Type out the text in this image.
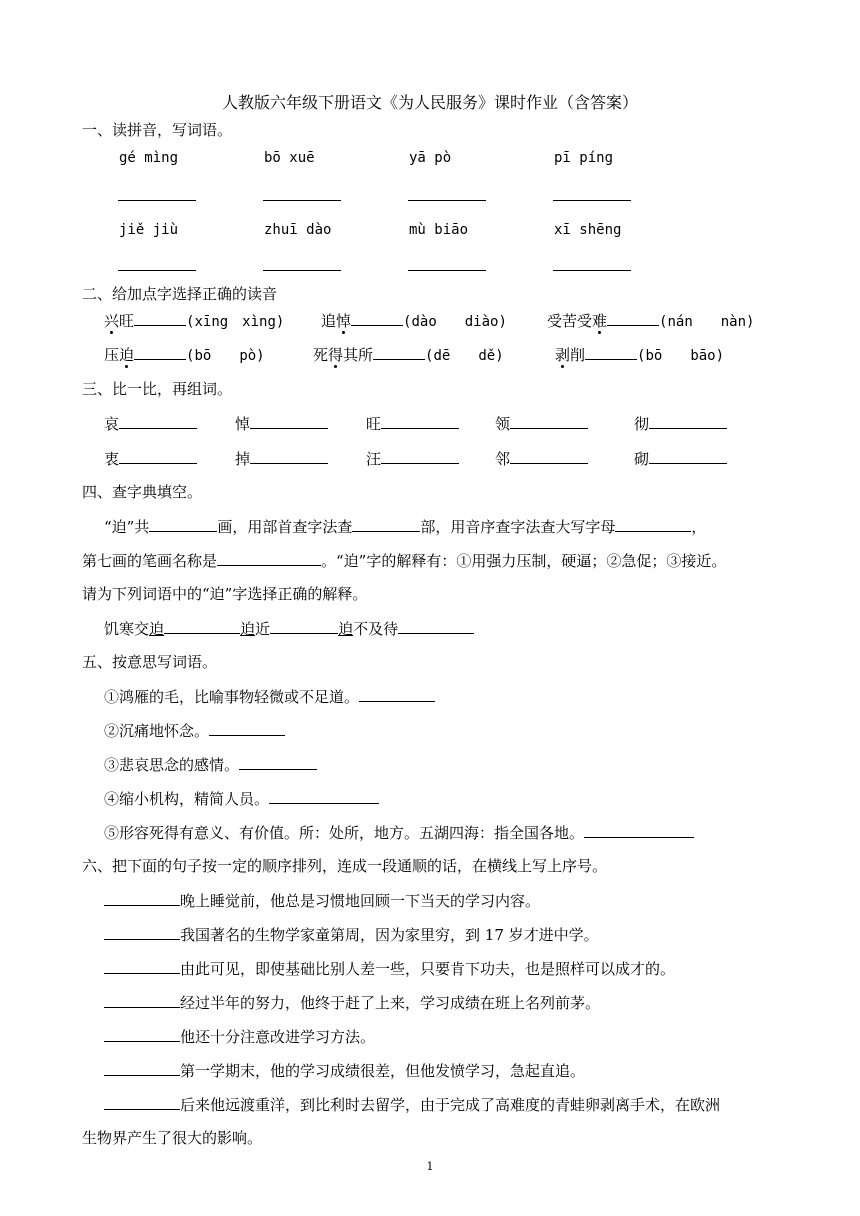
人教版六年级下册语文《为人民服务》课时作业（含答案）
一、读拼音，写词语。
gé mìng	bō xuē	yā pò	pī píng
jiě jiù	zhuī dào	mù biāo	xī shēng
二、给加点字选择正确的读音
兴旺	(xīng　xìng) 追悼	(dào　　diào)	受苦受难	(nán　　nàn)
压迫	(bō　　pò)	死得其所	(dē　　dě)	剥削	(bō　　bāo)
三、比一比，再组词。
哀	悼	旺	领	彻
衷	掉	汪	邻	砌
四、查字典填空。
“迫”共	画，用部首查字法查	部，用音序查字法查大写字母	，
第七画的笔画名称是	。“迫”字的解释有：①用强力压制，硬逼；②急促；③接近。
请为下列词语中的“迫”字选择正确的解释。
饥寒交迫	迫近	迫不及待
五、按意思写词语。
①鸿雁的毛，比喻事物轻微或不足道。
②沉痛地怀念。
③悲哀思念的感情。
④缩小机构，精简人员。
⑤形容死得有意义、有价值。所：处所，地方。五湖四海：指全国各地。
六、把下面的句子按一定的顺序排列，连成一段通顺的话，在横线上写上序号。
晚上睡觉前，他总是习惯地回顾一下当天的学习内容。
我国著名的生物学家童第周，因为家里穷，到 17 岁才进中学。
由此可见，即使基础比别人差一些，只要肯下功夫，也是照样可以成才的。
经过半年的努力，他终于赶了上来，学习成绩在班上名列前茅。
他还十分注意改进学习方法。
第一学期末，他的学习成绩很差，但他发愤学习，急起直追。
后来他远渡重洋，到比利时去留学，由于完成了高难度的青蛙卵剥离手术，在欧洲
生物界产生了很大的影响。
1
